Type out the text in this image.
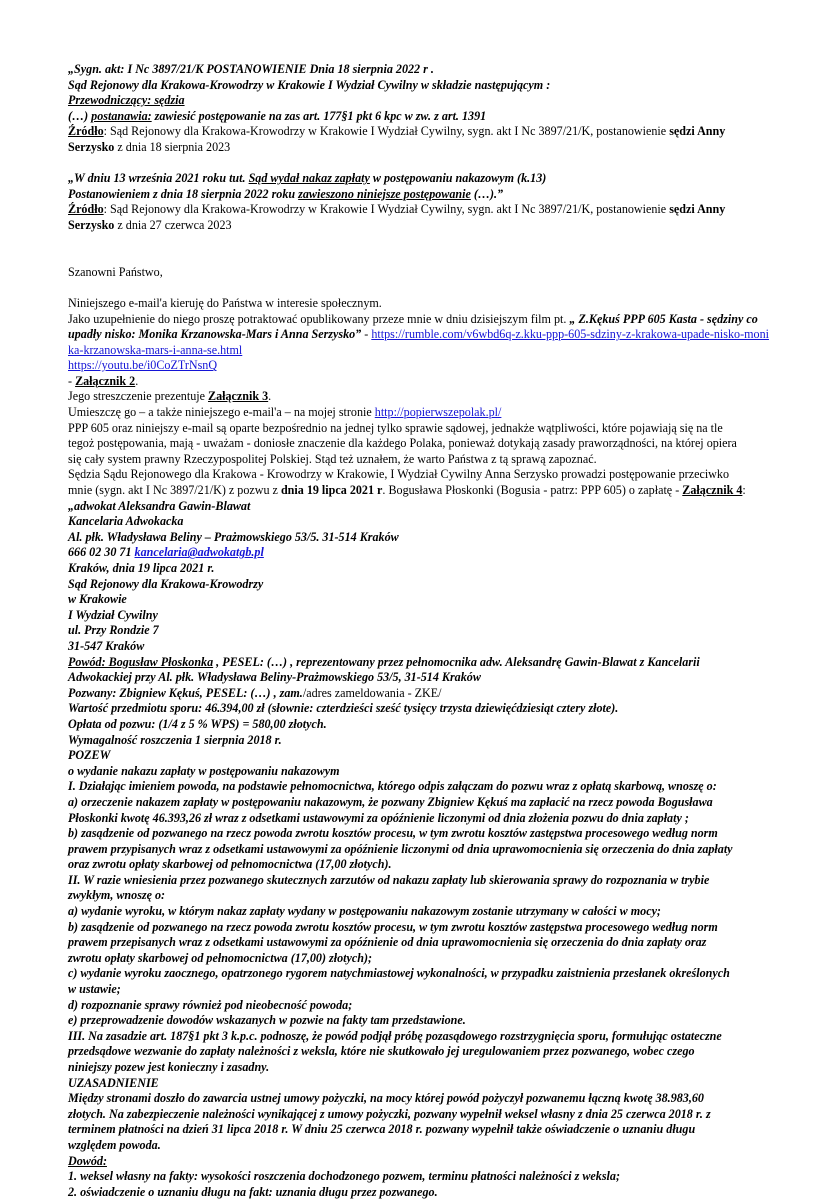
„Sygn. akt: I Nc 3897/21/K POSTANOWIENIE Dnia 18 sierpnia 2022 r .

Sąd Rejonowy dla Krakowa-Krowodrzy w Krakowie I Wydział Cywilny w składzie następującym :

Przewodniczący: sędzia

(…) postanawia: zawiesić postępowanie na zas art. 177§1 pkt 6 kpc w zw. z art. 1391

Źródło: Sąd Rejonowy dla Krakowa-Krowodrzy w Krakowie I Wydział Cywilny, sygn. akt I Nc 3897/21/K, postanowienie sędzi Anny Serzysko z dnia 18 sierpnia 2023

„W dniu 13 września 2021 roku tut. Sąd wydał nakaz zapłaty w postępowaniu nakazowym (k.13)

Postanowieniem z dnia 18 sierpnia 2022 roku zawieszono niniejsze postępowanie (…).”

Źródło: Sąd Rejonowy dla Krakowa-Krowodrzy w Krakowie I Wydział Cywilny, sygn. akt I Nc 3897/21/K, postanowienie sędzi Anny Serzysko z dnia 27 czerwca 2023

Szanowni Państwo,

Niniejszego e-mail'a kieruję do Państwa w interesie społecznym.

Jako uzupełnienie do niego proszę potraktować opublikowany przeze mnie w dniu dzisiejszym film pt. „ Z.Kękuś PPP 605 Kasta - sędziny co upadły nisko: Monika Krzanowska-Mars i Anna Serzysko” - https://rumble.com/v6wbd6q-z.kku-ppp-605-sdziny-z-krakowa-upade-nisko-monika-krzanowska-mars-i-anna-se.html

https://youtu.be/i0CoZTrNsnQ

- Załącznik 2.

Jego streszczenie prezentuje Załącznik 3.

Umieszczę go – a także niniejszego e-mail'a – na mojej stronie http://popierwszepolak.pl/

PPP 605 oraz niniejszy e-mail są oparte bezpośrednio na jednej tylko sprawie sądowej, jednakże wątpliwości, które pojawiają się na tle

tegoż postępowania, mają - uważam - doniosłe znaczenie dla każdego Polaka, ponieważ dotykają zasady praworządności, na której opiera

się cały system prawny Rzeczypospolitej Polskiej. Stąd też uznałem, że warto Państwa z tą sprawą zapoznać.

Sędzia Sądu Rejonowego dla Krakowa - Krowodrzy w Krakowie, I Wydział Cywilny Anna Serzysko prowadzi postępowanie przeciwko

mnie (sygn. akt I Nc 3897/21/K) z pozwu z dnia 19 lipca 2021 r. Bogusława Płoskonki (Bogusia - patrz: PPP 605) o zapłatę - Załącznik 4: „adwokat Aleksandra Gawin-Blawat

Kancelaria Adwokacka

Al. płk. Władysława Beliny – Prażmowskiego 53/5. 31-514 Kraków

666 02 30 71 kancelaria@adwokatgb.pl

Kraków, dnia 19 lipca 2021 r.

Sąd Rejonowy dla Krakowa-Krowodrzy

w Krakowie

I Wydział Cywilny

ul. Przy Rondzie 7

31-547 Kraków

Powód: Bogusław Płoskonka , PESEL: (…) , reprezentowany przez pełnomocnika adw. Aleksandrę Gawin-Blawat z Kancelarii

Adwokackiej przy Al. płk. Władysława Beliny-Prażmowskiego 53/5, 31-514 Kraków

Pozwany: Zbigniew Kękuś, PESEL: (…) , zam./adres zameldowania - ZKE/

Wartość przedmiotu sporu: 46.394,00 zł (słownie: czterdzieści sześć tysięcy trzysta dziewięćdziesiąt cztery złote).

Opłata od pozwu: (1/4 z 5 % WPS) = 580,00 złotych.

Wymagalność roszczenia 1 sierpnia 2018 r.

POZEW

o wydanie nakazu zapłaty w postępowaniu nakazowym

I. Działając imieniem powoda, na podstawie pełnomocnictwa, którego odpis załączam do pozwu wraz z opłatą skarbową, wnoszę o:

a) orzeczenie nakazem zapłaty w postępowaniu nakazowym, że pozwany Zbigniew Kękuś ma zapłacić na rzecz powoda Bogusława

Płoskonki kwotę 46.393,26 zł wraz z odsetkami ustawowymi za opóźnienie liczonymi od dnia złożenia pozwu do dnia zapłaty ;

b) zasądzenie od pozwanego na rzecz powoda zwrotu kosztów procesu, w tym zwrotu kosztów zastępstwa procesowego według norm

prawem przypisanych wraz z odsetkami ustawowymi za opóźnienie liczonymi od dnia uprawomocnienia się orzeczenia do dnia zapłaty

oraz zwrotu opłaty skarbowej od pełnomocnictwa (17,00 złotych).

II. W razie wniesienia przez pozwanego skutecznych zarzutów od nakazu zapłaty lub skierowania sprawy do rozpoznania w trybie

zwykłym, wnoszę o:

a) wydanie wyroku, w którym nakaz zapłaty wydany w postępowaniu nakazowym zostanie utrzymany w całości w mocy;

b) zasądzenie od pozwanego na rzecz powoda zwrotu kosztów procesu, w tym zwrotu kosztów zastępstwa procesowego według norm

prawem przepisanych wraz z odsetkami ustawowymi za opóźnienie od dnia uprawomocnienia się orzeczenia do dnia zapłaty oraz

zwrotu opłaty skarbowej od pełnomocnictwa (17,00) złotych);

c) wydanie wyroku zaocznego, opatrzonego rygorem natychmiastowej wykonalności, w przypadku zaistnienia przesłanek określonych

w ustawie;

d) rozpoznanie sprawy również pod nieobecność powoda;

e) przeprowadzenie dowodów wskazanych w pozwie na fakty tam przedstawione.

III. Na zasadzie art. 187§1 pkt 3 k.p.c. podnoszę, że powód podjął próbę pozasądowego rozstrzygnięcia sporu, formułując ostateczne

przedsądowe wezwanie do zapłaty należności z weksla, które nie skutkowało jej uregulowaniem przez pozwanego, wobec czego

niniejszy pozew jest konieczny i zasadny.

UZASADNIENIE

Między stronami doszło do zawarcia ustnej umowy pożyczki, na mocy której powód pożyczył pozwanemu łączną kwotę 38.983,60

złotych. Na zabezpieczenie należności wynikającej z umowy pożyczki, pozwany wypełnił weksel własny z dnia 25 czerwca 2018 r. z

terminem płatności na dzień 31 lipca 2018 r. W dniu 25 czerwca 2018 r. pozwany wypełnił także oświadczenie o uznaniu długu

względem powoda.

Dowód:

1. weksel własny na fakty: wysokości roszczenia dochodzonego pozwem, terminu płatności należności z weksla;

2. oświadczenie o uznaniu długu na fakt: uznania długu przez pozwanego.
